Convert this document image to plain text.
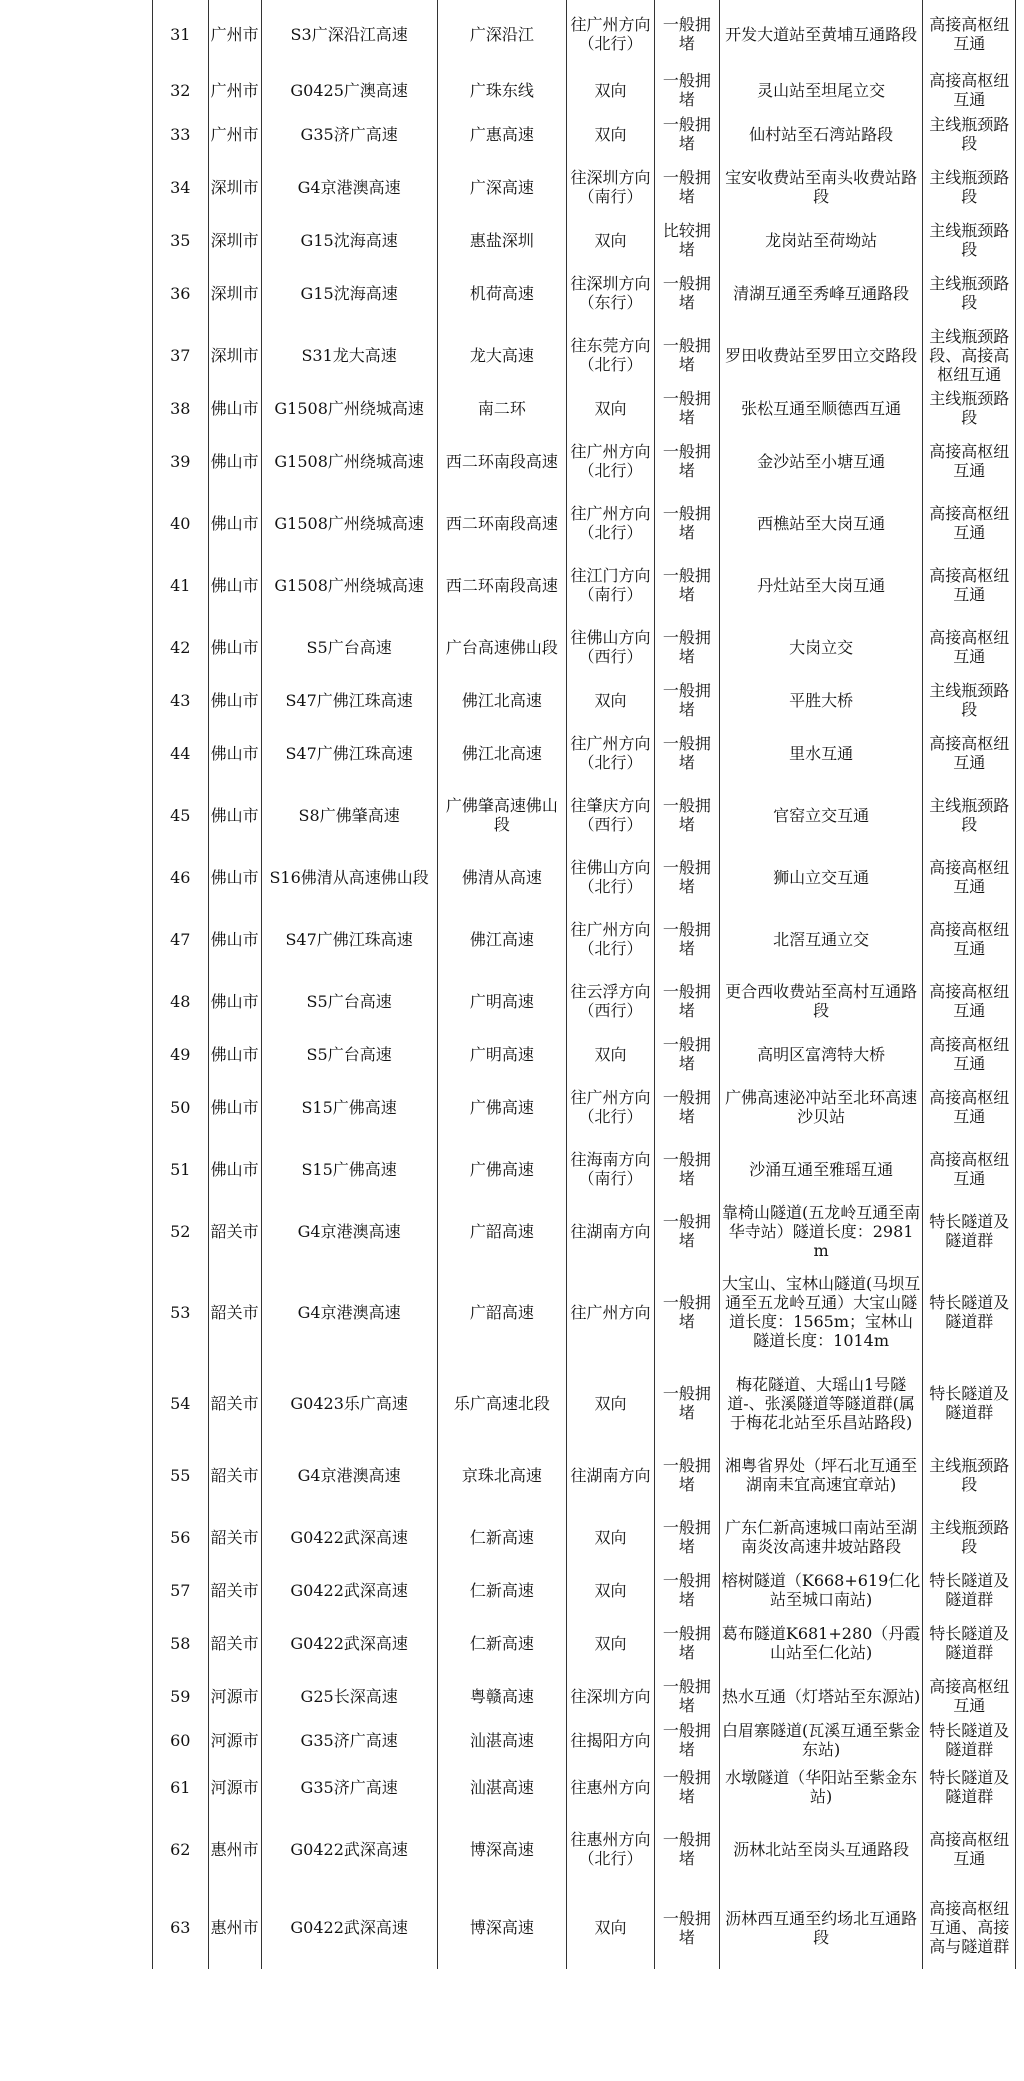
31	广州市	S3广深沿江高速	广深沿江	往广州方向（北行）	一般拥堵	开发大道站至黄埔互通路段	高接高枢纽互通
32	广州市	G0425广澳高速	广珠东线	双向	一般拥堵	灵山站至坦尾立交	高接高枢纽互通
33	广州市	G35济广高速	广惠高速	双向	一般拥堵	仙村站至石湾站路段	主线瓶颈路段
34	深圳市	G4京港澳高速	广深高速	往深圳方向（南行）	一般拥堵	宝安收费站至南头收费站路段	主线瓶颈路段
35	深圳市	G15沈海高速	惠盐深圳	双向	比较拥堵	龙岗站至荷坳站	主线瓶颈路段
36	深圳市	G15沈海高速	机荷高速	往深圳方向（东行）	一般拥堵	清湖互通至秀峰互通路段	主线瓶颈路段
37	深圳市	S31龙大高速	龙大高速	往东莞方向（北行）	一般拥堵	罗田收费站至罗田立交路段	主线瓶颈路段、高接高枢纽互通
38	佛山市	G1508广州绕城高速	南二环	双向	一般拥堵	张松互通至顺德西互通	主线瓶颈路段
39	佛山市	G1508广州绕城高速	西二环南段高速	往广州方向（北行）	一般拥堵	金沙站至小塘互通	高接高枢纽互通
40	佛山市	G1508广州绕城高速	西二环南段高速	往广州方向（北行）	一般拥堵	西樵站至大岗互通	高接高枢纽互通
41	佛山市	G1508广州绕城高速	西二环南段高速	往江门方向（南行）	一般拥堵	丹灶站至大岗互通	高接高枢纽互通
42	佛山市	S5广台高速	广台高速佛山段	往佛山方向（西行）	一般拥堵	大岗立交	高接高枢纽互通
43	佛山市	S47广佛江珠高速	佛江北高速	双向	一般拥堵	平胜大桥	主线瓶颈路段
44	佛山市	S47广佛江珠高速	佛江北高速	往广州方向（北行）	一般拥堵	里水互通	高接高枢纽互通
45	佛山市	S8广佛肇高速	广佛肇高速佛山段	往肇庆方向（西行）	一般拥堵	官窑立交互通	主线瓶颈路段
46	佛山市	S16佛清从高速佛山段	佛清从高速	往佛山方向（北行）	一般拥堵	狮山立交互通	高接高枢纽互通
47	佛山市	S47广佛江珠高速	佛江高速	往广州方向（北行）	一般拥堵	北滘互通立交	高接高枢纽互通
48	佛山市	S5广台高速	广明高速	往云浮方向（西行）	一般拥堵	更合西收费站至高村互通路段	高接高枢纽互通
49	佛山市	S5广台高速	广明高速	双向	一般拥堵	高明区富湾特大桥	高接高枢纽互通
50	佛山市	S15广佛高速	广佛高速	往广州方向（北行）	一般拥堵	广佛高速泌冲站至北环高速沙贝站	高接高枢纽互通
51	佛山市	S15广佛高速	广佛高速	往海南方向（南行）	一般拥堵	沙涌互通至雅瑶互通	高接高枢纽互通
52	韶关市	G4京港澳高速	广韶高速	往湖南方向	一般拥堵	靠椅山隧道(五龙岭互通至南华寺站）隧道长度：2981m	特长隧道及隧道群
53	韶关市	G4京港澳高速	广韶高速	往广州方向	一般拥堵	大宝山、宝林山隧道(马坝互通至五龙岭互通）大宝山隧道长度：1565m；宝林山隧道长度：1014m	特长隧道及隧道群
54	韶关市	G0423乐广高速	乐广高速北段	双向	一般拥堵	梅花隧道、大瑶山1号隧道-、张溪隧道等隧道群(属于梅花北站至乐昌站路段)	特长隧道及隧道群
55	韶关市	G4京港澳高速	京珠北高速	往湖南方向	一般拥堵	湘粤省界处（坪石北互通至湖南耒宜高速宜章站)	主线瓶颈路段
56	韶关市	G0422武深高速	仁新高速	双向	一般拥堵	广东仁新高速城口南站至湖南炎汝高速井坡站路段	主线瓶颈路段
57	韶关市	G0422武深高速	仁新高速	双向	一般拥堵	榕树隧道（K668+619仁化站至城口南站)	特长隧道及隧道群
58	韶关市	G0422武深高速	仁新高速	双向	一般拥堵	葛布隧道K681+280（丹霞山站至仁化站)	特长隧道及隧道群
59	河源市	G25长深高速	粤赣高速	往深圳方向	一般拥堵	热水互通（灯塔站至东源站)	高接高枢纽互通
60	河源市	G35济广高速	汕湛高速	往揭阳方向	一般拥堵	白眉寨隧道(瓦溪互通至紫金东站)	特长隧道及隧道群
61	河源市	G35济广高速	汕湛高速	往惠州方向	一般拥堵	水墩隧道（华阳站至紫金东站)	特长隧道及隧道群
62	惠州市	G0422武深高速	博深高速	往惠州方向（北行）	一般拥堵	沥林北站至岗头互通路段	高接高枢纽互通
63	惠州市	G0422武深高速	博深高速	双向	一般拥堵	沥林西互通至约场北互通路段	高接高枢纽互通、高接高与隧道群
